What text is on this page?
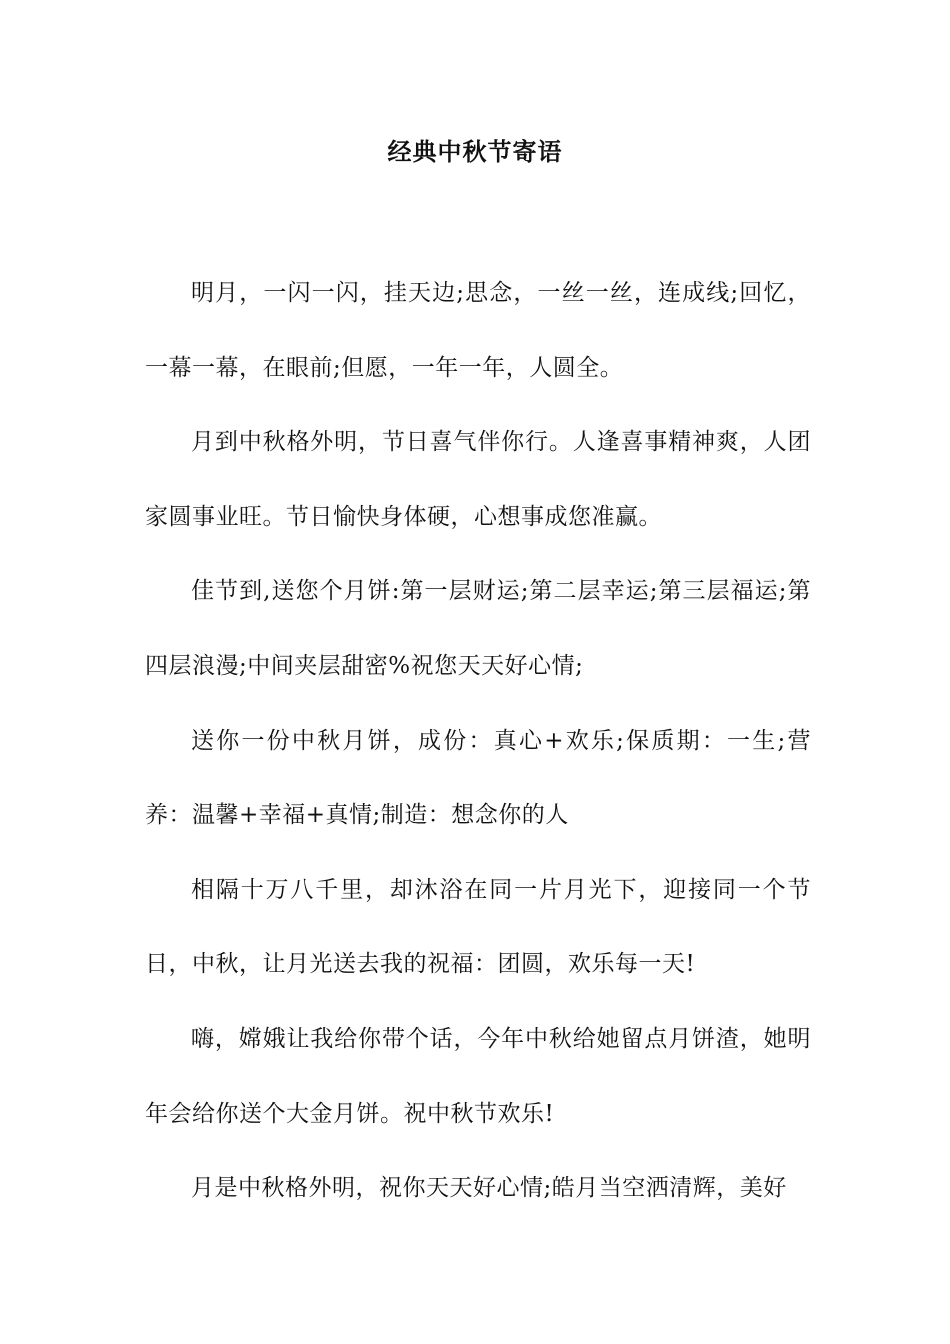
经典中秋节寄语

明月，一闪一闪，挂天边;思念，一丝一丝，连成线;回忆，一幕一幕，在眼前;但愿，一年一年，人圆全。

月到中秋格外明，节日喜气伴你行。人逢喜事精神爽，人团家圆事业旺。节日愉快身体硬，心想事成您准赢。

佳节到,送您个月饼:第一层财运;第二层幸运;第三层福运;第四层浪漫;中间夹层甜密%祝您天天好心情;

送你一份中秋月饼，成份：真心+欢乐;保质期：一生;营养：温馨+幸福+真情;制造：想念你的人

相隔十万八千里，却沐浴在同一片月光下，迎接同一个节日，中秋，让月光送去我的祝福：团圆，欢乐每一天!

嗨，嫦娥让我给你带个话，今年中秋给她留点月饼渣，她明年会给你送个大金月饼。祝中秋节欢乐!

月是中秋格外明，祝你天天好心情;皓月当空洒清辉，美好
